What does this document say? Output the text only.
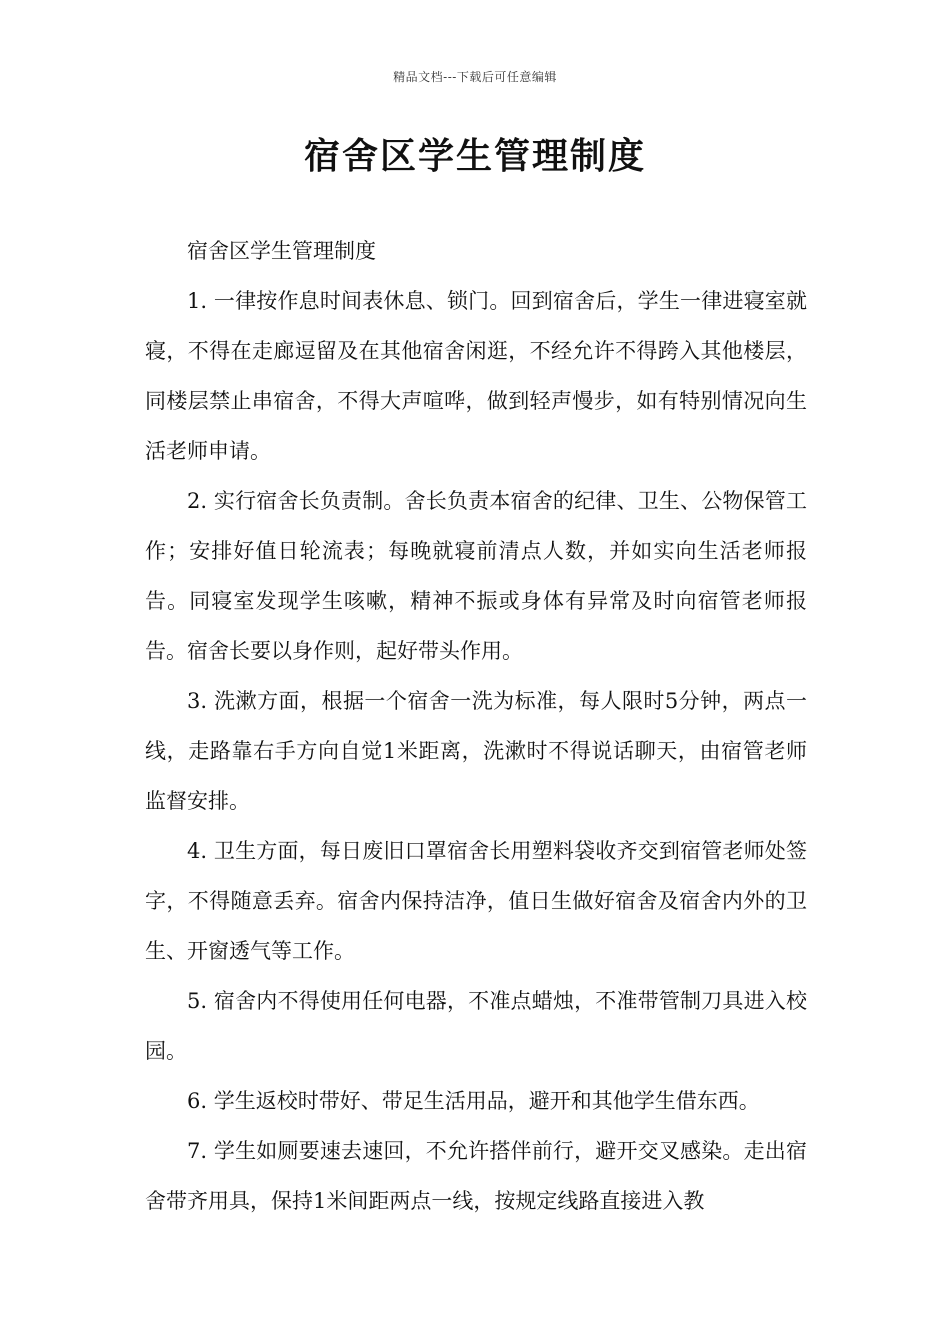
精品文档---下载后可任意编辑
宿舍区学生管理制度

宿舍区学生管理制度

1. 一律按作息时间表休息、锁门。回到宿舍后，学生一律进寝室就寝，不得在走廊逗留及在其他宿舍闲逛，不经允许不得跨入其他楼层，同楼层禁止串宿舍，不得大声喧哗，做到轻声慢步，如有特别情况向生活老师申请。

2. 实行宿舍长负责制。舍长负责本宿舍的纪律、卫生、公物保管工作；安排好值日轮流表；每晚就寝前清点人数，并如实向生活老师报告。同寝室发现学生咳嗽，精神不振或身体有异常及时向宿管老师报告。宿舍长要以身作则，起好带头作用。

3. 洗漱方面，根据一个宿舍一洗为标准，每人限时5分钟，两点一线，走路靠右手方向自觉1米距离，洗漱时不得说话聊天，由宿管老师监督安排。

4. 卫生方面，每日废旧口罩宿舍长用塑料袋收齐交到宿管老师处签字，不得随意丢弃。宿舍内保持洁净，值日生做好宿舍及宿舍内外的卫生、开窗透气等工作。

5. 宿舍内不得使用任何电器，不准点蜡烛，不准带管制刀具进入校园。

6. 学生返校时带好、带足生活用品，避开和其他学生借东西。

7. 学生如厕要速去速回，不允许搭伴前行，避开交叉感染。走出宿舍带齐用具，保持1米间距两点一线，按规定线路直接进入教
